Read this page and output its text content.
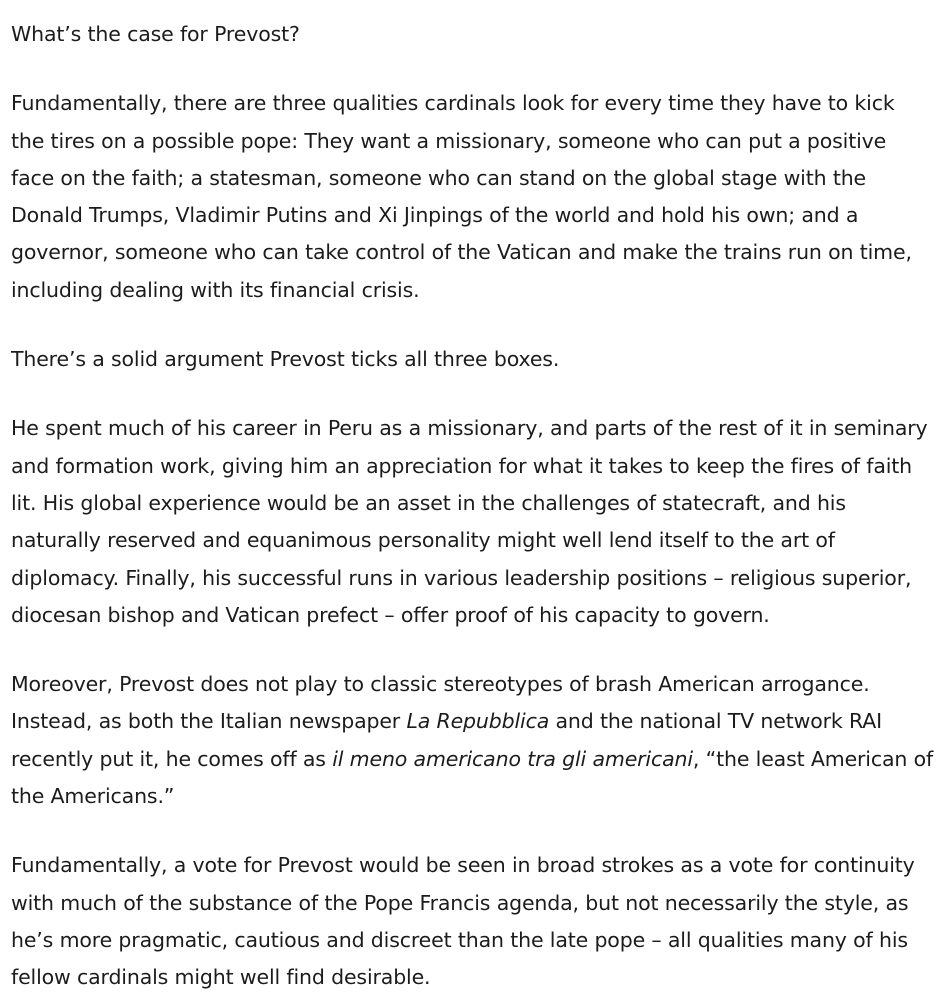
What’s the case for Prevost?

Fundamentally, there are three qualities cardinals look for every time they have to kick the tires on a possible pope: They want a missionary, someone who can put a positive face on the faith; a statesman, someone who can stand on the global stage with the Donald Trumps, Vladimir Putins and Xi Jinpings of the world and hold his own; and a governor, someone who can take control of the Vatican and make the trains run on time, including dealing with its financial crisis.

There’s a solid argument Prevost ticks all three boxes.

He spent much of his career in Peru as a missionary, and parts of the rest of it in seminary and formation work, giving him an appreciation for what it takes to keep the fires of faith lit. His global experience would be an asset in the challenges of statecraft, and his naturally reserved and equanimous personality might well lend itself to the art of diplomacy. Finally, his successful runs in various leadership positions – religious superior, diocesan bishop and Vatican prefect – offer proof of his capacity to govern.

Moreover, Prevost does not play to classic stereotypes of brash American arrogance. Instead, as both the Italian newspaper La Repubblica and the national TV network RAI recently put it, he comes off as il meno americano tra gli americani, “the least American of the Americans.”

Fundamentally, a vote for Prevost would be seen in broad strokes as a vote for continuity with much of the substance of the Pope Francis agenda, but not necessarily the style, as he’s more pragmatic, cautious and discreet than the late pope – all qualities many of his fellow cardinals might well find desirable.
